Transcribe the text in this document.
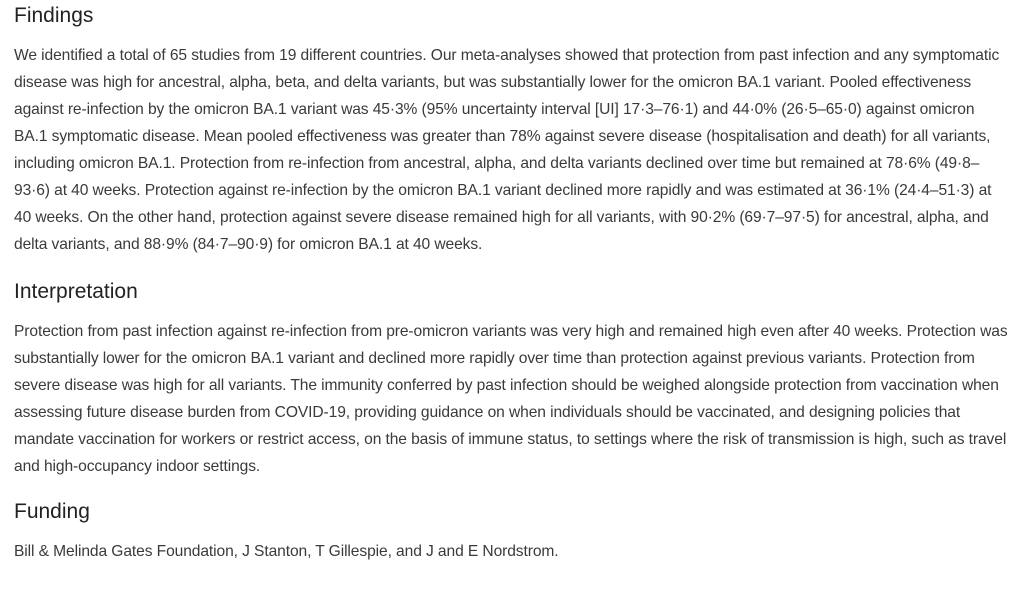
Findings

We identified a total of 65 studies from 19 different countries. Our meta-analyses showed that protection from past infection and any symptomatic disease was high for ancestral, alpha, beta, and delta variants, but was substantially lower for the omicron BA.1 variant. Pooled effectiveness against re-infection by the omicron BA.1 variant was 45·3% (95% uncertainty interval [UI] 17·3–76·1) and 44·0% (26·5–65·0) against omicron BA.1 symptomatic disease. Mean pooled effectiveness was greater than 78% against severe disease (hospitalisation and death) for all variants, including omicron BA.1. Protection from re-infection from ancestral, alpha, and delta variants declined over time but remained at 78·6% (49·8–93·6) at 40 weeks. Protection against re-infection by the omicron BA.1 variant declined more rapidly and was estimated at 36·1% (24·4–51·3) at 40 weeks. On the other hand, protection against severe disease remained high for all variants, with 90·2% (69·7–97·5) for ancestral, alpha, and delta variants, and 88·9% (84·7–90·9) for omicron BA.1 at 40 weeks.

Interpretation

Protection from past infection against re-infection from pre-omicron variants was very high and remained high even after 40 weeks. Protection was substantially lower for the omicron BA.1 variant and declined more rapidly over time than protection against previous variants. Protection from severe disease was high for all variants. The immunity conferred by past infection should be weighed alongside protection from vaccination when assessing future disease burden from COVID-19, providing guidance on when individuals should be vaccinated, and designing policies that mandate vaccination for workers or restrict access, on the basis of immune status, to settings where the risk of transmission is high, such as travel and high-occupancy indoor settings.

Funding

Bill & Melinda Gates Foundation, J Stanton, T Gillespie, and J and E Nordstrom.
